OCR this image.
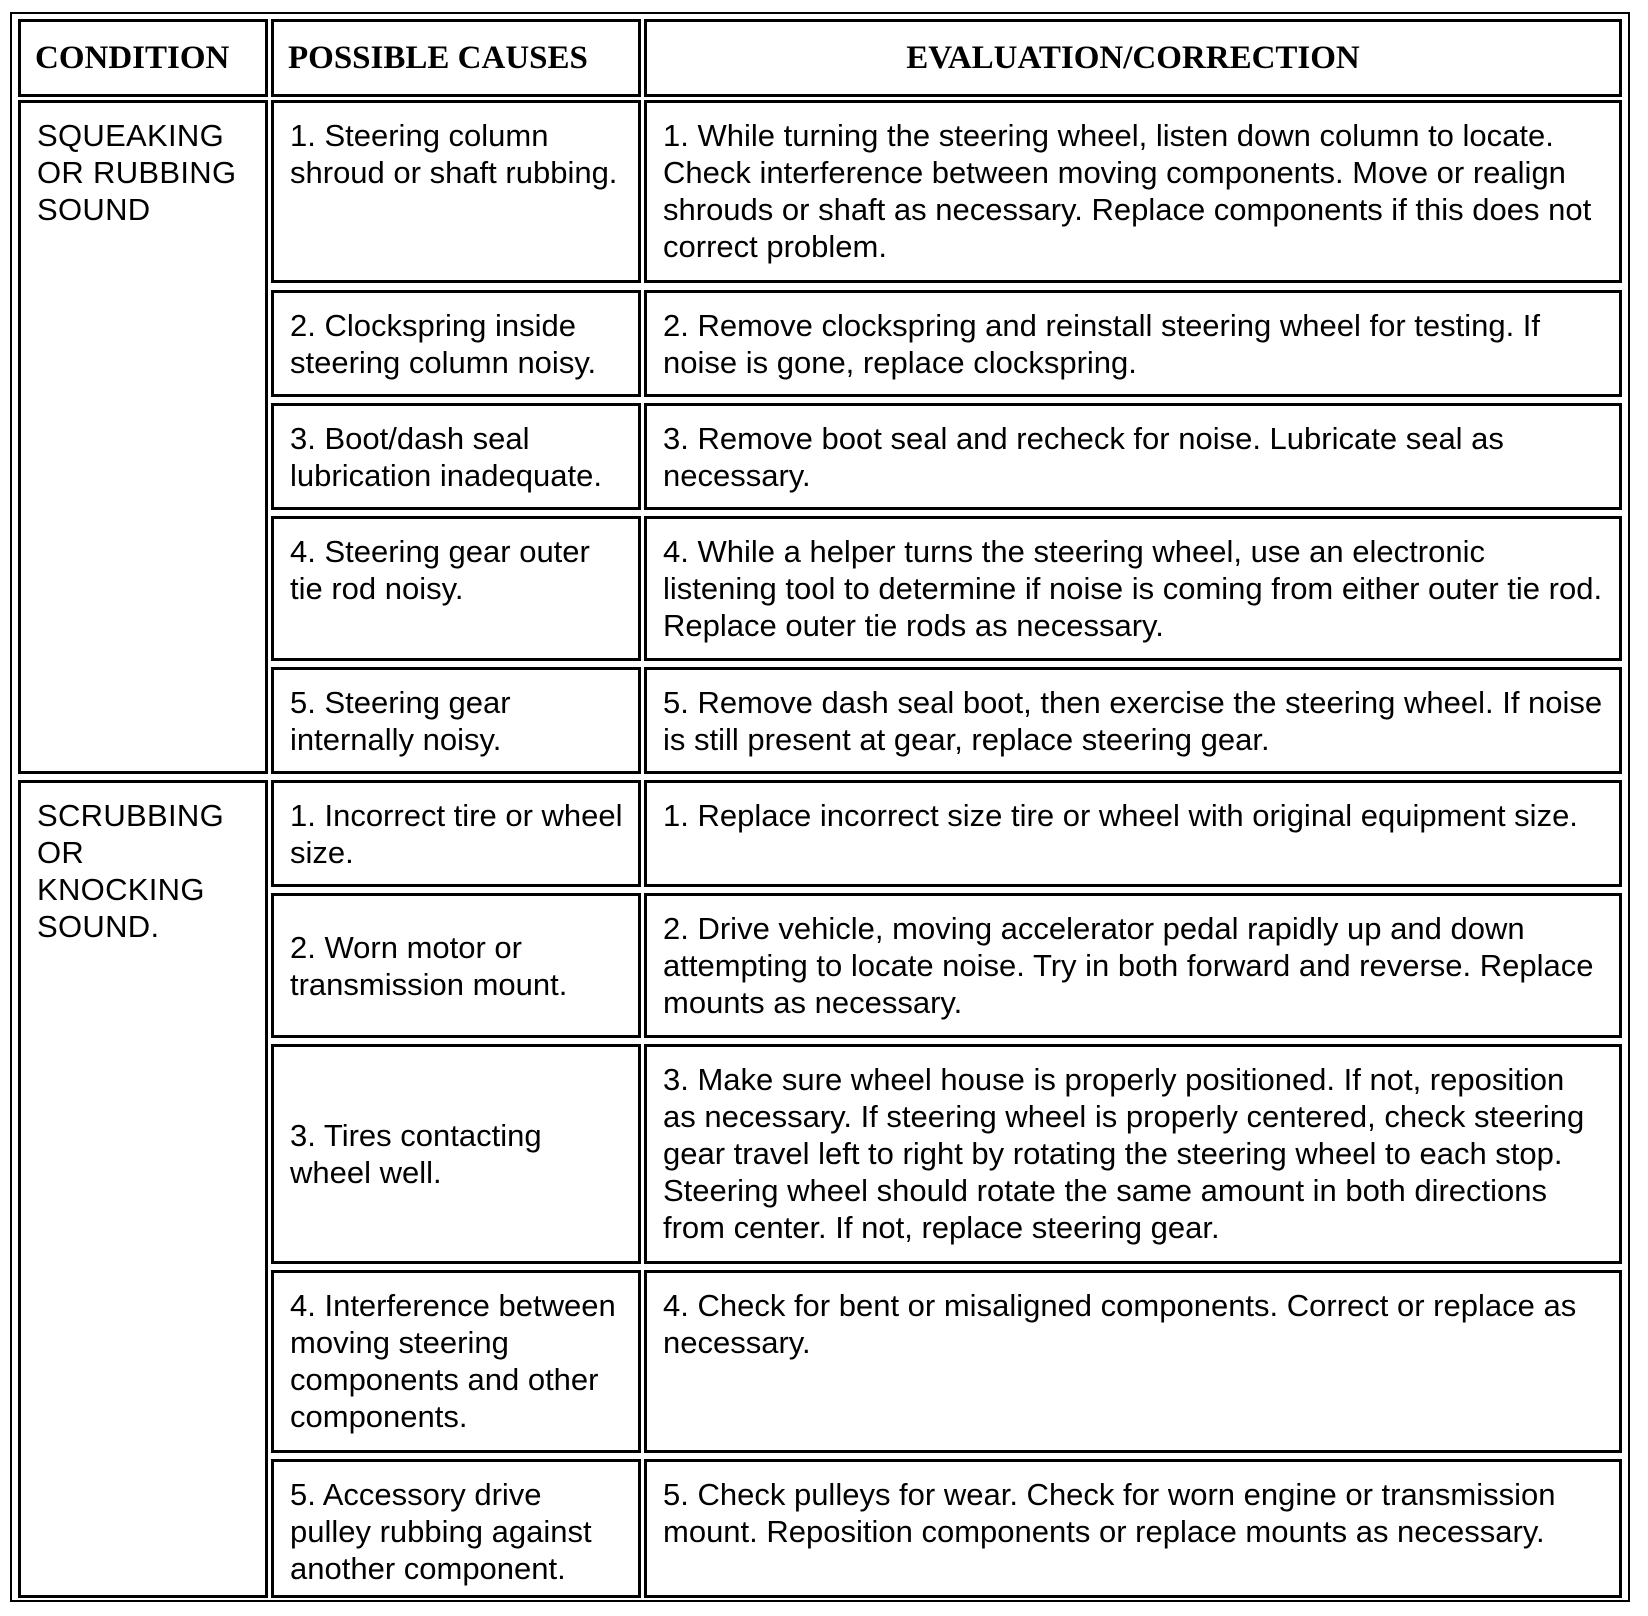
CONDITION	POSSIBLE CAUSES	EVALUATION/CORRECTION
SQUEAKING OR RUBBING SOUND
1. Steering column shroud or shaft rubbing.
1. While turning the steering wheel, listen down column to locate. Check interference between moving components. Move or realign shrouds or shaft as necessary. Replace components if this does not correct problem.
2. Clockspring inside steering column noisy.
2. Remove clockspring and reinstall steering wheel for testing. If noise is gone, replace clockspring.
3. Boot/dash seal lubrication inadequate.
3. Remove boot seal and recheck for noise. Lubricate seal as necessary.
4. Steering gear outer tie rod noisy.
4. While a helper turns the steering wheel, use an electronic listening tool to determine if noise is coming from either outer tie rod. Replace outer tie rods as necessary.
5. Steering gear internally noisy.
5. Remove dash seal boot, then exercise the steering wheel. If noise is still present at gear, replace steering gear.
SCRUBBING OR KNOCKING SOUND.
1. Incorrect tire or wheel size.
1. Replace incorrect size tire or wheel with original equipment size.
2. Worn motor or transmission mount.
2. Drive vehicle, moving accelerator pedal rapidly up and down attempting to locate noise. Try in both forward and reverse. Replace mounts as necessary.
3. Tires contacting wheel well.
3. Make sure wheel house is properly positioned. If not, reposition as necessary. If steering wheel is properly centered, check steering gear travel left to right by rotating the steering wheel to each stop. Steering wheel should rotate the same amount in both directions from center. If not, replace steering gear.
4. Interference between moving steering components and other components.
4. Check for bent or misaligned components. Correct or replace as necessary.
5. Accessory drive pulley rubbing against another component.
5. Check pulleys for wear. Check for worn engine or transmission mount. Reposition components or replace mounts as necessary.
